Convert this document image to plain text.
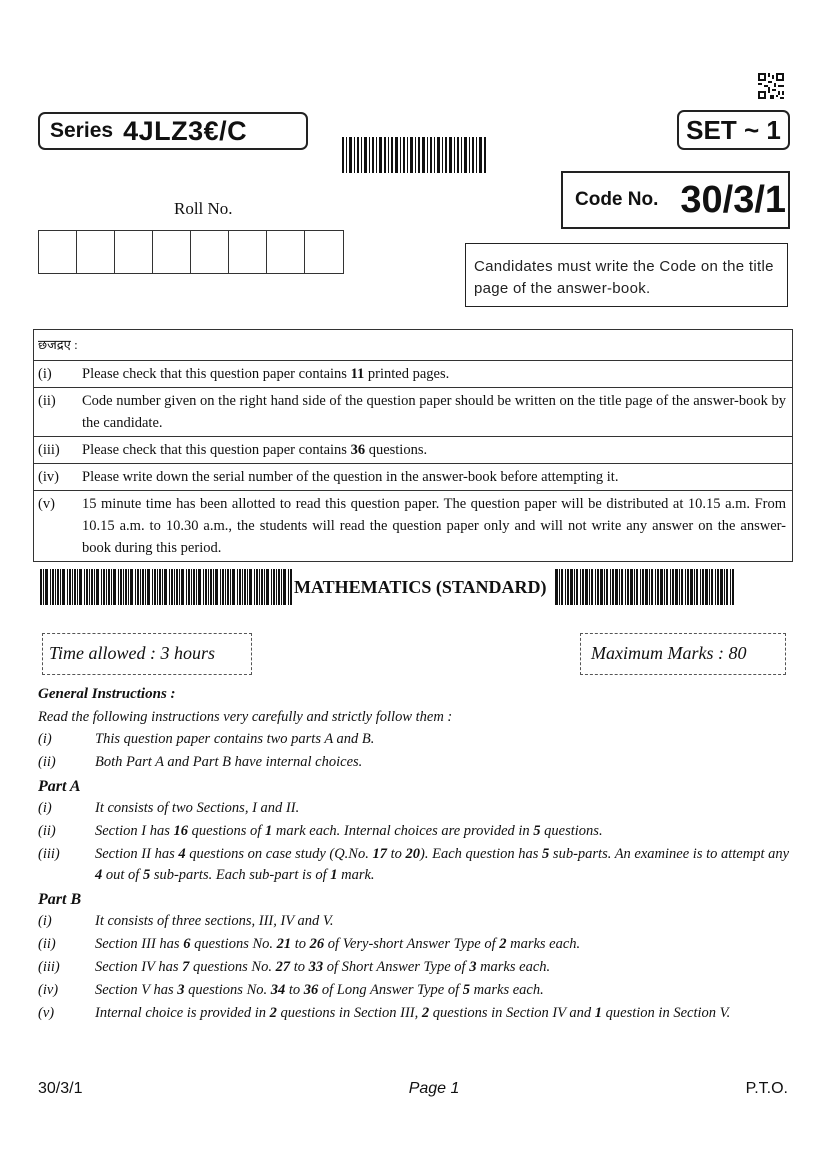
Series 4JLZ3€/C	SET ~ 1
Code No. 30/3/1
Roll No.
Candidates must write the Code on the title page of the answer-book.
छजद्रए :	
(i)	Please check that this question paper contains 11 printed pages.
(ii)	Code number given on the right hand side of the question paper should be written on the title page of the answer-book by the candidate.
(iii)	Please check that this question paper contains 36 questions.
(iv)	Please write down the serial number of the question in the answer-book before attempting it.
(v)	15 minute time has been allotted to read this question paper. The question paper will be distributed at 10.15 a.m. From 10.15 a.m. to 10.30 a.m., the students will read the question paper only and will not write any answer on the answer-book during this period.
MATHEMATICS (STANDARD)
Time allowed : 3 hours	Maximum Marks : 80
General Instructions :
Read the following instructions very carefully and strictly follow them :
(i)	This question paper contains two parts A and B.
(ii)	Both Part A and Part B have internal choices.
Part A
(i)	It consists of two Sections, I and II.
(ii)	Section I has 16 questions of 1 mark each. Internal choices are provided in 5 questions.
(iii)	Section II has 4 questions on case study (Q.No. 17 to 20). Each question has 5 sub-parts. An examinee is to attempt any 4 out of 5 sub-parts. Each sub-part is of 1 mark.
Part B
(i)	It consists of three sections, III, IV and V.
(ii)	Section III has 6 questions No. 21 to 26 of Very-short Answer Type of 2 marks each.
(iii)	Section IV has 7 questions No. 27 to 33 of Short Answer Type of 3 marks each.
(iv)	Section V has 3 questions No. 34 to 36 of Long Answer Type of 5 marks each.
(v)	Internal choice is provided in 2 questions in Section III, 2 questions in Section IV and 1 question in Section V.
30/3/1	Page 1	P.T.O.
